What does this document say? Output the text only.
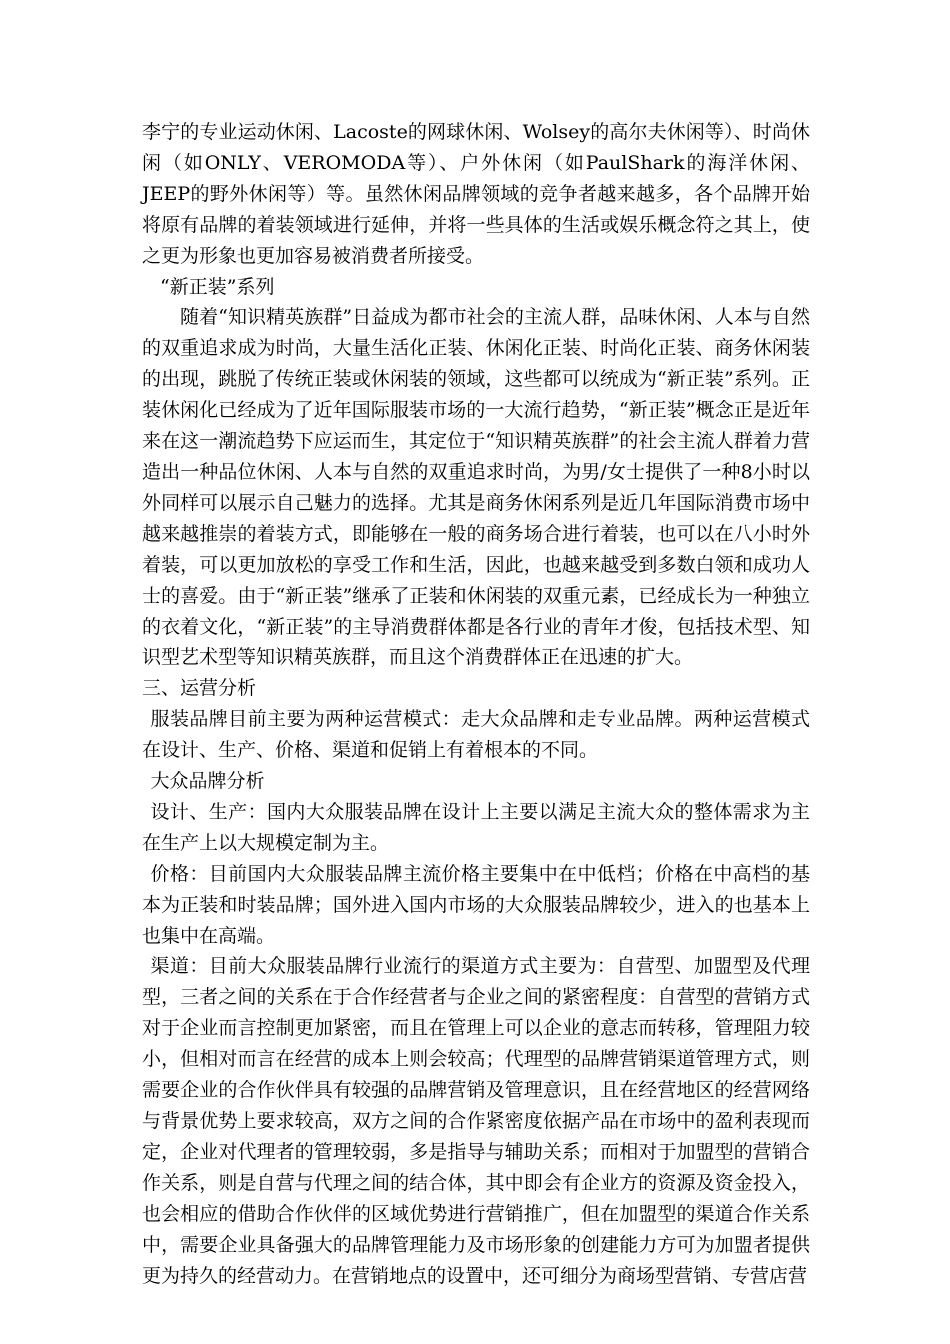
李宁的专业运动休闲、Lacoste的网球休闲、Wolsey的高尔夫休闲等）、时尚休闲（如ONLY、VEROMODA等）、户外休闲（如PaulShark的海洋休闲、JEEP的野外休闲等）等。虽然休闲品牌领域的竞争者越来越多，各个品牌开始将原有品牌的着装领域进行延伸，并将一些具体的生活或娱乐概念符之其上，使之更为形象也更加容易被消费者所接受。

“新正装”系列

随着“知识精英族群”日益成为都市社会的主流人群，品味休闲、人本与自然的双重追求成为时尚，大量生活化正装、休闲化正装、时尚化正装、商务休闲装的出现，跳脱了传统正装或休闲装的领域，这些都可以统成为“新正装”系列。正装休闲化已经成为了近年国际服装市场的一大流行趋势，“新正装”概念正是近年来在这一潮流趋势下应运而生，其定位于“知识精英族群”的社会主流人群着力营造出一种品位休闲、人本与自然的双重追求时尚，为男/女士提供了一种8小时以外同样可以展示自己魅力的选择。尤其是商务休闲系列是近几年国际消费市场中越来越推崇的着装方式，即能够在一般的商务场合进行着装，也可以在八小时外着装，可以更加放松的享受工作和生活，因此，也越来越受到多数白领和成功人士的喜爱。由于“新正装”继承了正装和休闲装的双重元素，已经成长为一种独立的衣着文化，“新正装”的主导消费群体都是各行业的青年才俊，包括技术型、知识型艺术型等知识精英族群，而且这个消费群体正在迅速的扩大。

三、运营分析

服装品牌目前主要为两种运营模式：走大众品牌和走专业品牌。两种运营模式在设计、生产、价格、渠道和促销上有着根本的不同。

大众品牌分析

设计、生产：国内大众服装品牌在设计上主要以满足主流大众的整体需求为主在生产上以大规模定制为主。

价格：目前国内大众服装品牌主流价格主要集中在中低档；价格在中高档的基本为正装和时装品牌；国外进入国内市场的大众服装品牌较少，进入的也基本上也集中在高端。

渠道：目前大众服装品牌行业流行的渠道方式主要为：自营型、加盟型及代理型，三者之间的关系在于合作经营者与企业之间的紧密程度：自营型的营销方式对于企业而言控制更加紧密，而且在管理上可以企业的意志而转移，管理阻力较小，但相对而言在经营的成本上则会较高；代理型的品牌营销渠道管理方式，则需要企业的合作伙伴具有较强的品牌营销及管理意识，且在经营地区的经营网络与背景优势上要求较高，双方之间的合作紧密度依据产品在市场中的盈利表现而定，企业对代理者的管理较弱，多是指导与辅助关系；而相对于加盟型的营销合作关系，则是自营与代理之间的结合体，其中即会有企业方的资源及资金投入，也会相应的借助合作伙伴的区域优势进行营销推广，但在加盟型的渠道合作关系中，需要企业具备强大的品牌管理能力及市场形象的创建能力方可为加盟者提供更为持久的经营动力。在营销地点的设置中，还可细分为商场型营销、专营店营
